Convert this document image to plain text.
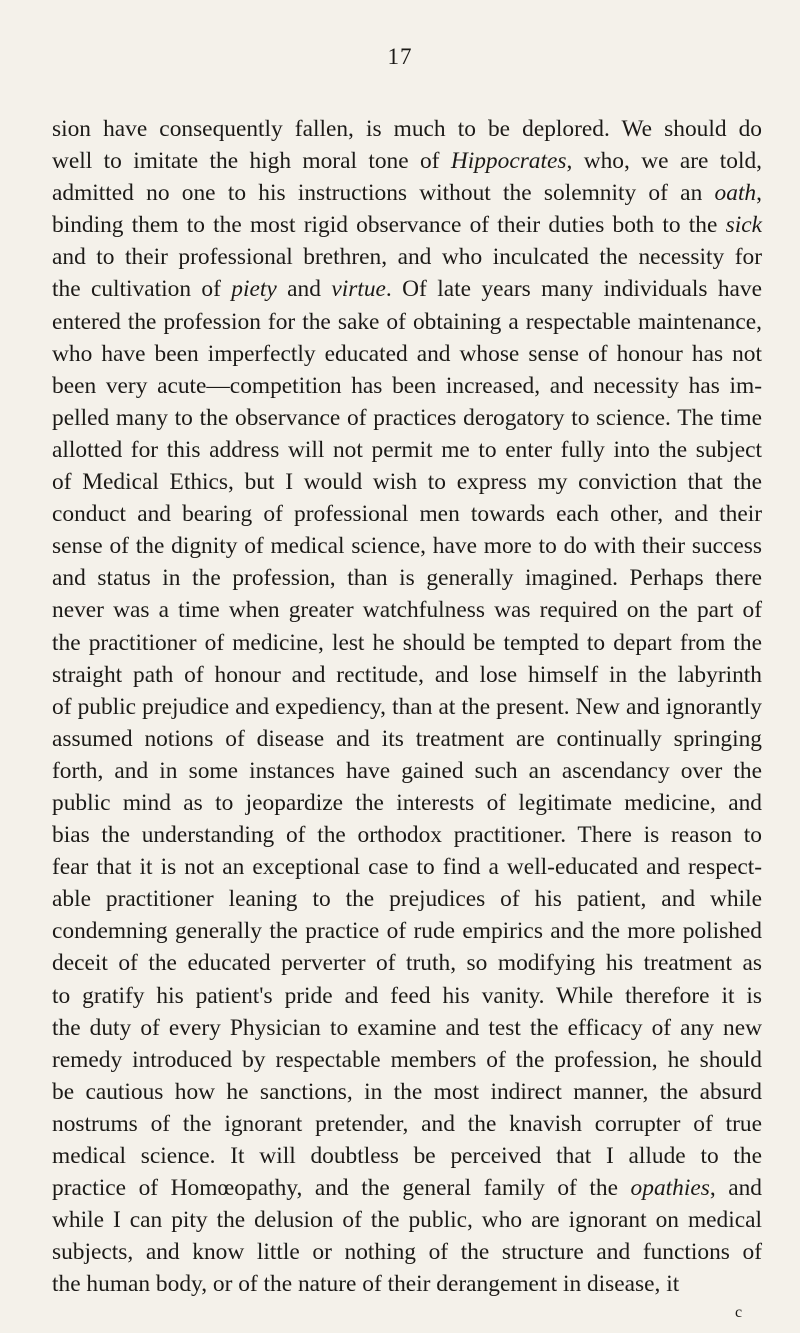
17
sion have consequently fallen, is much to be deplored. We should do
well to imitate the high moral tone of Hippocrates, who, we are told,
admitted no one to his instructions without the solemnity of an oath,
binding them to the most rigid observance of their duties both to the sick
and to their professional brethren, and who inculcated the necessity for
the cultivation of piety and virtue. Of late years many individuals have
entered the profession for the sake of obtaining a respectable maintenance,
who have been imperfectly educated and whose sense of honour has not
been very acute—competition has been increased, and necessity has im-
pelled many to the observance of practices derogatory to science. The time
allotted for this address will not permit me to enter fully into the subject
of Medical Ethics, but I would wish to express my conviction that the
conduct and bearing of professional men towards each other, and their
sense of the dignity of medical science, have more to do with their success
and status in the profession, than is generally imagined. Perhaps there
never was a time when greater watchfulness was required on the part of
the practitioner of medicine, lest he should be tempted to depart from the
straight path of honour and rectitude, and lose himself in the labyrinth
of public prejudice and expediency, than at the present. New and ignorantly
assumed notions of disease and its treatment are continually springing
forth, and in some instances have gained such an ascendancy over the
public mind as to jeopardize the interests of legitimate medicine, and
bias the understanding of the orthodox practitioner. There is reason to
fear that it is not an exceptional case to find a well-educated and respect-
able practitioner leaning to the prejudices of his patient, and while
condemning generally the practice of rude empirics and the more polished
deceit of the educated perverter of truth, so modifying his treatment as
to gratify his patient's pride and feed his vanity. While therefore it is
the duty of every Physician to examine and test the efficacy of any new
remedy introduced by respectable members of the profession, he should
be cautious how he sanctions, in the most indirect manner, the absurd
nostrums of the ignorant pretender, and the knavish corrupter of true
medical science. It will doubtless be perceived that I allude to the
practice of Homœopathy, and the general family of the opathies, and
while I can pity the delusion of the public, who are ignorant on medical
subjects, and know little or nothing of the structure and functions of
the human body, or of the nature of their derangement in disease, it
c
